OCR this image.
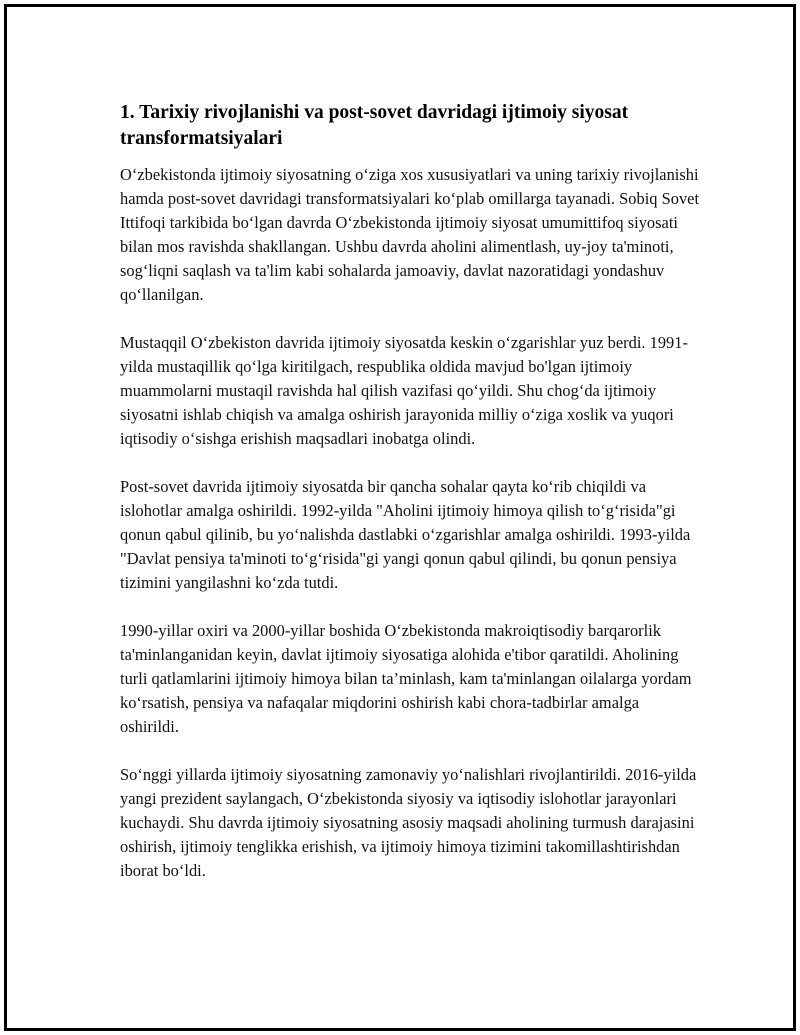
1. Tarixiy rivojlanishi va post-sovet davridagi ijtimoiy siyosat transformatsiyalari

O‘zbekistonda ijtimoiy siyosatning o‘ziga xos xususiyatlari va uning tarixiy rivojlanishi hamda post-sovet davridagi transformatsiyalari ko‘plab omillarga tayanadi. Sobiq Sovet Ittifoqi tarkibida bo‘lgan davrda O‘zbekistonda ijtimoiy siyosat umumittifoq siyosati bilan mos ravishda shakllangan. Ushbu davrda aholini alimentlash, uy-joy ta'minoti, sog‘liqni saqlash va ta'lim kabi sohalarda jamoaviy, davlat nazoratidagi yondashuv qo‘llanilgan.

Mustaqqil O‘zbekiston davrida ijtimoiy siyosatda keskin o‘zgarishlar yuz berdi. 1991-yilda mustaqillik qo‘lga kiritilgach, respublika oldida mavjud bo'lgan ijtimoiy muammolarni mustaqil ravishda hal qilish vazifasi qo‘yildi. Shu chog‘da ijtimoiy siyosatni ishlab chiqish va amalga oshirish jarayonida milliy o‘ziga xoslik va yuqori iqtisodiy o‘sishga erishish maqsadlari inobatga olindi.

Post-sovet davrida ijtimoiy siyosatda bir qancha sohalar qayta ko‘rib chiqildi va islohotlar amalga oshirildi. 1992-yilda "Aholini ijtimoiy himoya qilish to‘g‘risida"gi qonun qabul qilinib, bu yo‘nalishda dastlabki o‘zgarishlar amalga oshirildi. 1993-yilda "Davlat pensiya ta'minoti to‘g‘risida"gi yangi qonun qabul qilindi, bu qonun pensiya tizimini yangilashni ko‘zda tutdi.

1990-yillar oxiri va 2000-yillar boshida O‘zbekistonda makroiqtisodiy barqarorlik ta'minlanganidan keyin, davlat ijtimoiy siyosatiga alohida e'tibor qaratildi. Aholining turli qatlamlarini ijtimoiy himoya bilan ta’minlash, kam ta'minlangan oilalarga yordam ko‘rsatish, pensiya va nafaqalar miqdorini oshirish kabi chora-tadbirlar amalga oshirildi.

So‘nggi yillarda ijtimoiy siyosatning zamonaviy yo‘nalishlari rivojlantirildi. 2016-yilda yangi prezident saylangach, O‘zbekistonda siyosiy va iqtisodiy islohotlar jarayonlari kuchaydi. Shu davrda ijtimoiy siyosatning asosiy maqsadi aholining turmush darajasini oshirish, ijtimoiy tenglikka erishish, va ijtimoiy himoya tizimini takomillashtirishdan iborat bo‘ldi.
